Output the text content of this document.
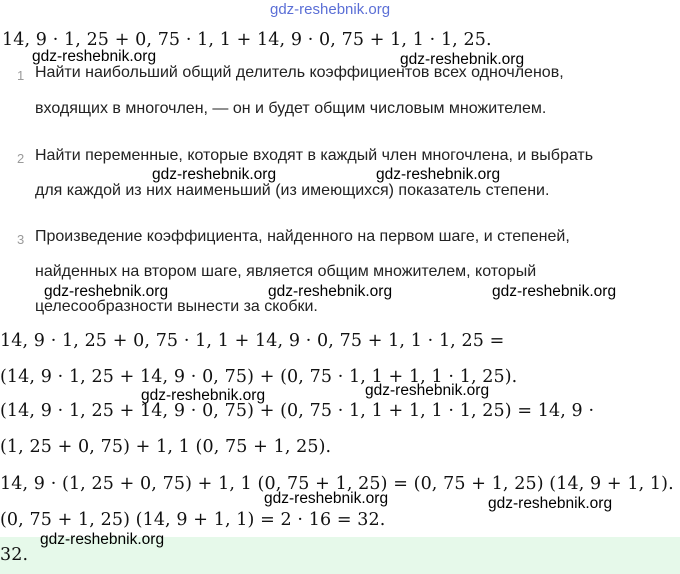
gdz-reshebnik.org
14, 9 · 1, 25 + 0, 75 · 1, 1 + 14, 9 · 0, 75 + 1, 1 · 1, 25.
1 Найти наибольший общий делитель коэффициентов всех одночленов,
входящих в многочлен, — он и будет общим числовым множителем.
2 Найти переменные, которые входят в каждый член многочлена, и выбрать
для каждой из них наименьший (из имеющихся) показатель степени.
3 Произведение коэффициента, найденного на первом шаге, и степеней,
найденных на втором шаге, является общим множителем, который
целесообразности вынести за скобки.
14, 9 · 1, 25 + 0, 75 · 1, 1 + 14, 9 · 0, 75 + 1, 1 · 1, 25 =
(14, 9 · 1, 25 + 14, 9 · 0, 75) + (0, 75 · 1, 1 + 1, 1 · 1, 25).
(14, 9 · 1, 25 + 14, 9 · 0, 75) + (0, 75 · 1, 1 + 1, 1 · 1, 25) = 14, 9 ·
(1, 25 + 0, 75) + 1, 1 (0, 75 + 1, 25).
14, 9 · (1, 25 + 0, 75) + 1, 1 (0, 75 + 1, 25) = (0, 75 + 1, 25) (14, 9 + 1, 1).
(0, 75 + 1, 25) (14, 9 + 1, 1) = 2 · 16 = 32.
32.
gdz-reshebnik.org	gdz-reshebnik.org
gdz-reshebnik.org	gdz-reshebnik.org
gdz-reshebnik.org	gdz-reshebnik.org	gdz-reshebnik.org
gdz-reshebnik.org	gdz-reshebnik.org
gdz-reshebnik.org	gdz-reshebnik.org
gdz-reshebnik.org
